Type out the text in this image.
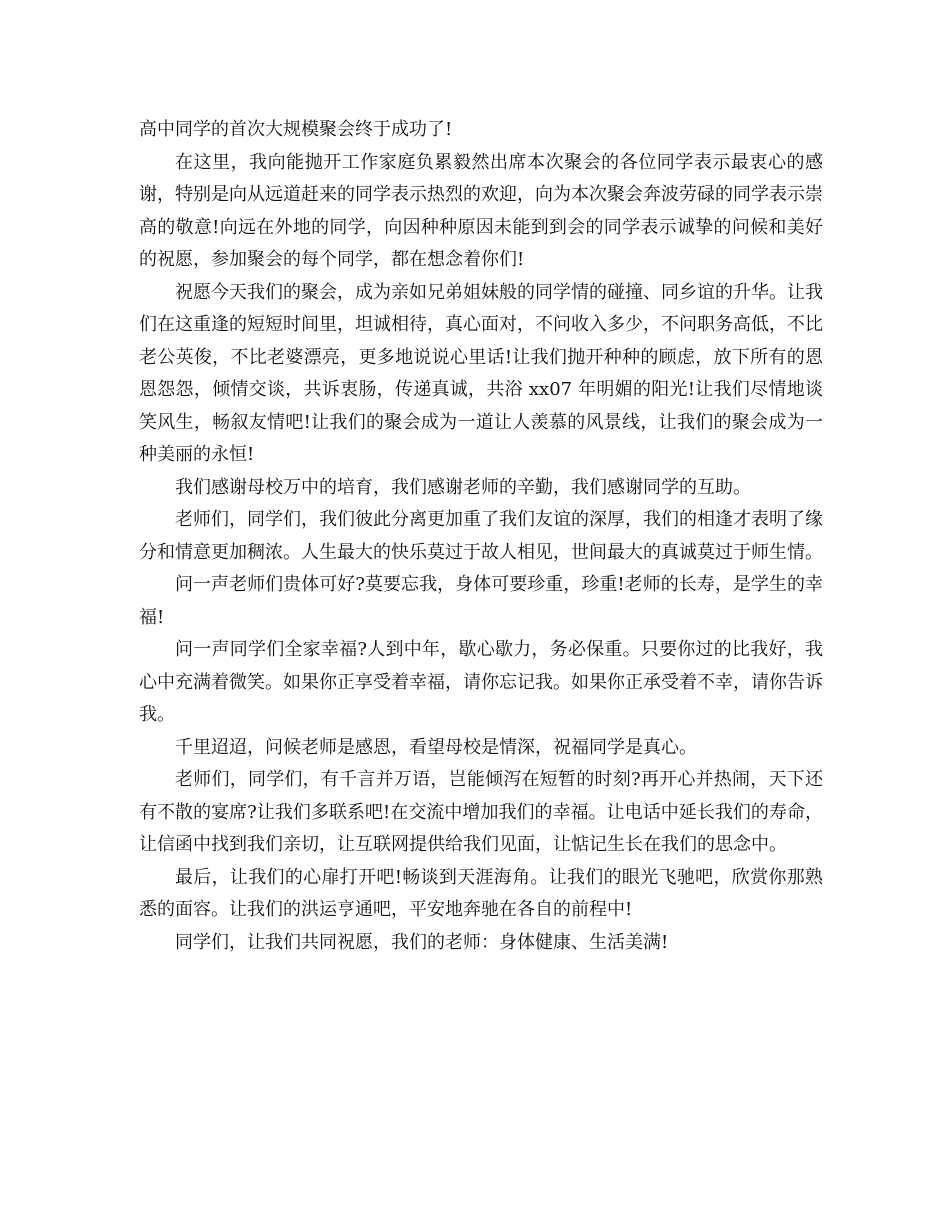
高中同学的首次大规模聚会终于成功了!

在这里，我向能抛开工作家庭负累毅然出席本次聚会的各位同学表示最衷心的感谢，特别是向从远道赶来的同学表示热烈的欢迎，向为本次聚会奔波劳碌的同学表示崇高的敬意!向远在外地的同学，向因种种原因未能到到会的同学表示诚挚的问候和美好的祝愿，参加聚会的每个同学，都在想念着你们!

祝愿今天我们的聚会，成为亲如兄弟姐妹般的同学情的碰撞、同乡谊的升华。让我们在这重逢的短短时间里，坦诚相待，真心面对，不问收入多少，不问职务高低，不比老公英俊，不比老婆漂亮，更多地说说心里话!让我们抛开种种的顾虑，放下所有的恩恩怨怨，倾情交谈，共诉衷肠，传递真诚，共浴 xx07 年明媚的阳光!让我们尽情地谈笑风生，畅叙友情吧!让我们的聚会成为一道让人羡慕的风景线，让我们的聚会成为一种美丽的永恒!

我们感谢母校万中的培育，我们感谢老师的辛勤，我们感谢同学的互助。

老师们，同学们，我们彼此分离更加重了我们友谊的深厚，我们的相逢才表明了缘分和情意更加稠浓。人生最大的快乐莫过于故人相见，世间最大的真诚莫过于师生情。

问一声老师们贵体可好?莫要忘我，身体可要珍重，珍重!老师的长寿，是学生的幸福!

问一声同学们全家幸福?人到中年，歇心歇力，务必保重。只要你过的比我好，我心中充满着微笑。如果你正享受着幸福，请你忘记我。如果你正承受着不幸，请你告诉我。

千里迢迢，问候老师是感恩，看望母校是情深，祝福同学是真心。

老师们，同学们，有千言并万语，岂能倾泻在短暂的时刻?再开心并热闹，天下还有不散的宴席?让我们多联系吧!在交流中增加我们的幸福。让电话中延长我们的寿命，让信函中找到我们亲切，让互联网提供给我们见面，让惦记生长在我们的思念中。

最后，让我们的心扉打开吧!畅谈到天涯海角。让我们的眼光飞驰吧，欣赏你那熟悉的面容。让我们的洪运亨通吧，平安地奔驰在各自的前程中!

同学们，让我们共同祝愿，我们的老师：身体健康、生活美满!
